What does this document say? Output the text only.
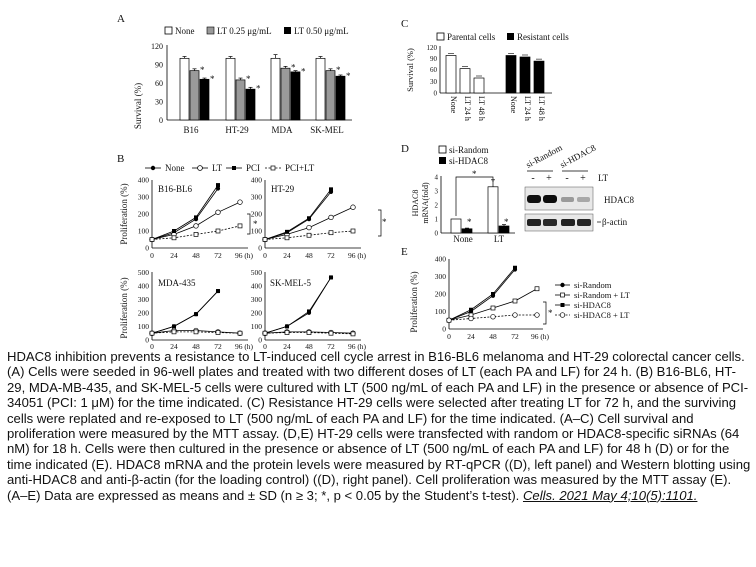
A
None	LT 0.25 μg/mL LT 0.50 μg/mL
Survival (%) 0
30
60
90
120
*
*	*
*
* *	*
*
B16	HT-29	MDA SK-MEL
C
Parental cells Resistant cells
Survival (%)
0
30
60
90
120
None LT 24 h LT 48 h	None LT 24 h LT 48 h
B
None	LT	PCI	PCI+LT
Proliferation (%)
Proliferation (%)
B16-BL6
0
100
200
300
400
0 24 48 72 96 (h)
*
HT-29
0
100
200
300
400
0 24 48 72 96 (h)
*
MDA-435
0
100
200
300
400
500
0 24 48 72 96 (h)
SK-MEL-5
0
100
200
300
400
500
0 24 48 72 96 (h)
D	si-Random
si-HDAC8
HDAC8mRNA(fold)
0
1
2
3
4	*
*	*
None LT
si-Random
si-HDAC8
- + - + LT
HDAC8
β-actin
E
Proliferation (%)	0
100
200
300
400
0 24 48 72 96 (h)
*
si-Random
si-Random + LT
si-HDAC8
si-HDAC8 + LT
HDAC8 inhibition prevents a resistance to LT-induced cell cycle arrest in B16-BL6 melanoma and HT-29 colorectal cancer cells. (A) Cells were seeded in 96-well plates and treated with two different doses of LT (each PA and LF) for 24 h. (B) B16-BL6, HT-29, MDA-MB-435, and SK-MEL-5 cells were cultured with LT (500 ng/mL of each PA and LF) in the presence or absence of PCI-34051 (PCI: 1 μM) for the time indicated. (C) Resistance HT-29 cells were selected after treating LT for 72 h, and the surviving cells were replated and re-exposed to LT (500 ng/mL of each PA and LF) for the time indicated. (A–C) Cell survival and proliferation were measured by the MTT assay. (D,E) HT-29 cells were transfected with random or HDAC8-specific siRNAs (64 nM) for 18 h. Cells were then cultured in the presence or absence of LT (500 ng/mL of each PA and LF) for 48 h (D) or for the time indicated (E). HDAC8 mRNA and the protein levels were measured by RT-qPCR ((D), left panel) and Western blotting using anti-HDAC8 and anti-β-actin (for the loading control) ((D), right panel). Cell proliferation was measured by the MTT assay (E). (A–E) Data are expressed as means and ± SD (n ≥ 3; *, p < 0.05 by the Student’s t-test). Cells. 2021 May 4;10(5):1101.
